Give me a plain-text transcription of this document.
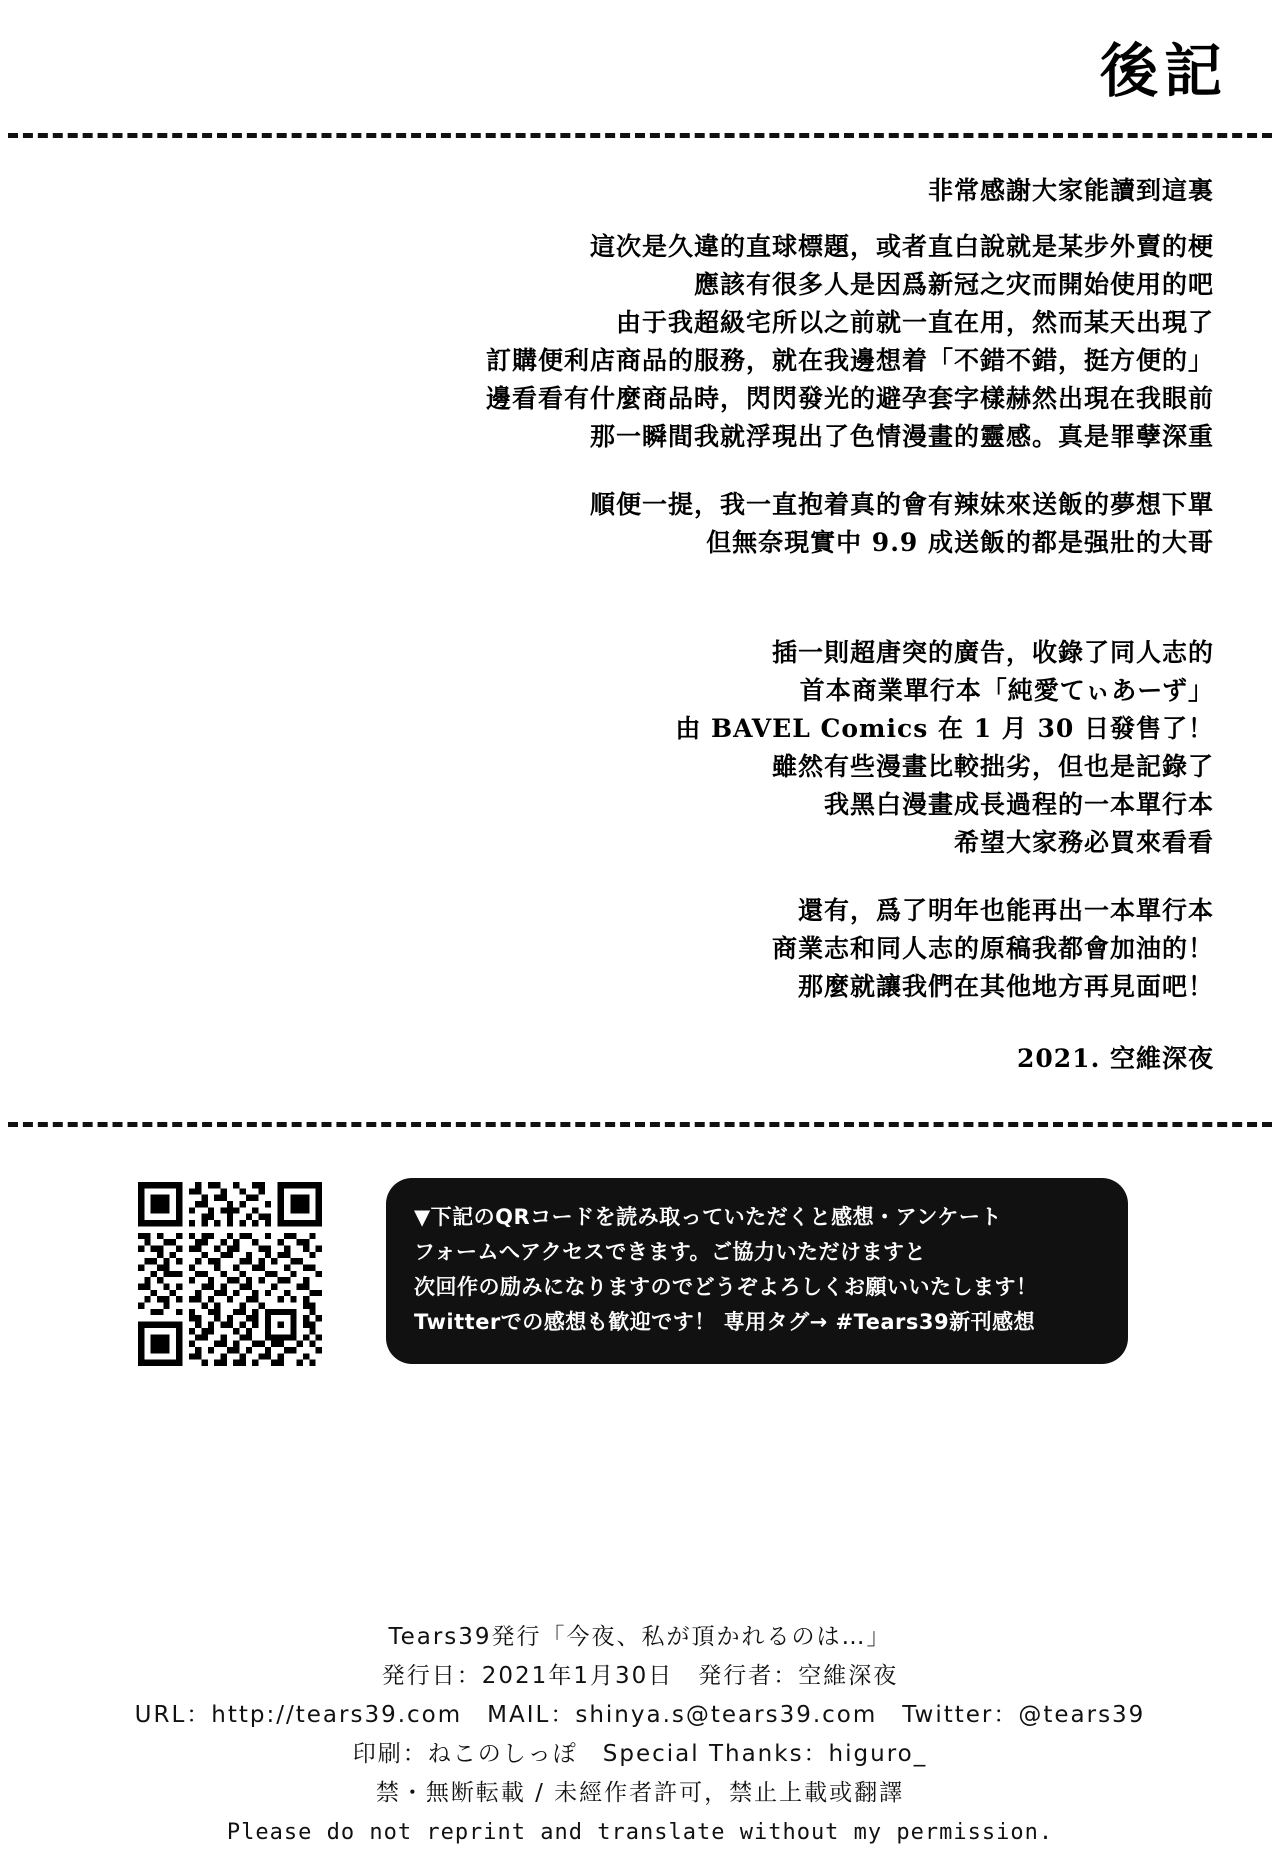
後記
非常感謝大家能讀到這裏
這次是久違的直球標題，或者直白說就是某步外賣的梗
應該有很多人是因爲新冠之灾而開始使用的吧
由于我超級宅所以之前就一直在用，然而某天出現了
訂購便利店商品的服務，就在我邊想着「不錯不錯，挺方便的」
邊看看有什麼商品時，閃閃發光的避孕套字樣赫然出現在我眼前
那一瞬間我就浮現出了色情漫畫的靈感。真是罪孽深重
順便一提，我一直抱着真的會有辣妹來送飯的夢想下單
但無奈現實中 9.9 成送飯的都是强壯的大哥
插一則超唐突的廣告，收錄了同人志的
首本商業單行本「純愛てぃあーず」
由 BAVEL Comics 在 1 月 30 日發售了！
雖然有些漫畫比較拙劣，但也是記錄了
我黑白漫畫成長過程的一本單行本
希望大家務必買來看看
還有，爲了明年也能再出一本單行本
商業志和同人志的原稿我都會加油的！
那麼就讓我們在其他地方再見面吧！
2021. 空維深夜
▼下記のQRコードを読み取っていただくと感想・アンケート
フォームへアクセスできます。ご協力いただけますと
次回作の励みになりますのでどうぞよろしくお願いいたします！
Twitterでの感想も歓迎です！ 専用タグ→ #Tears39新刊感想
Tears39発行「今夜、私が頂かれるのは…」
発行日：2021年1月30日　発行者：空維深夜
URL：http://tears39.com　MAIL：shinya.s@tears39.com　Twitter：@tears39
印刷：ねこのしっぽ　Special Thanks：higuro_
禁・無断転載 / 未經作者許可，禁止上載或翻譯
Please do not reprint and translate without my permission.
